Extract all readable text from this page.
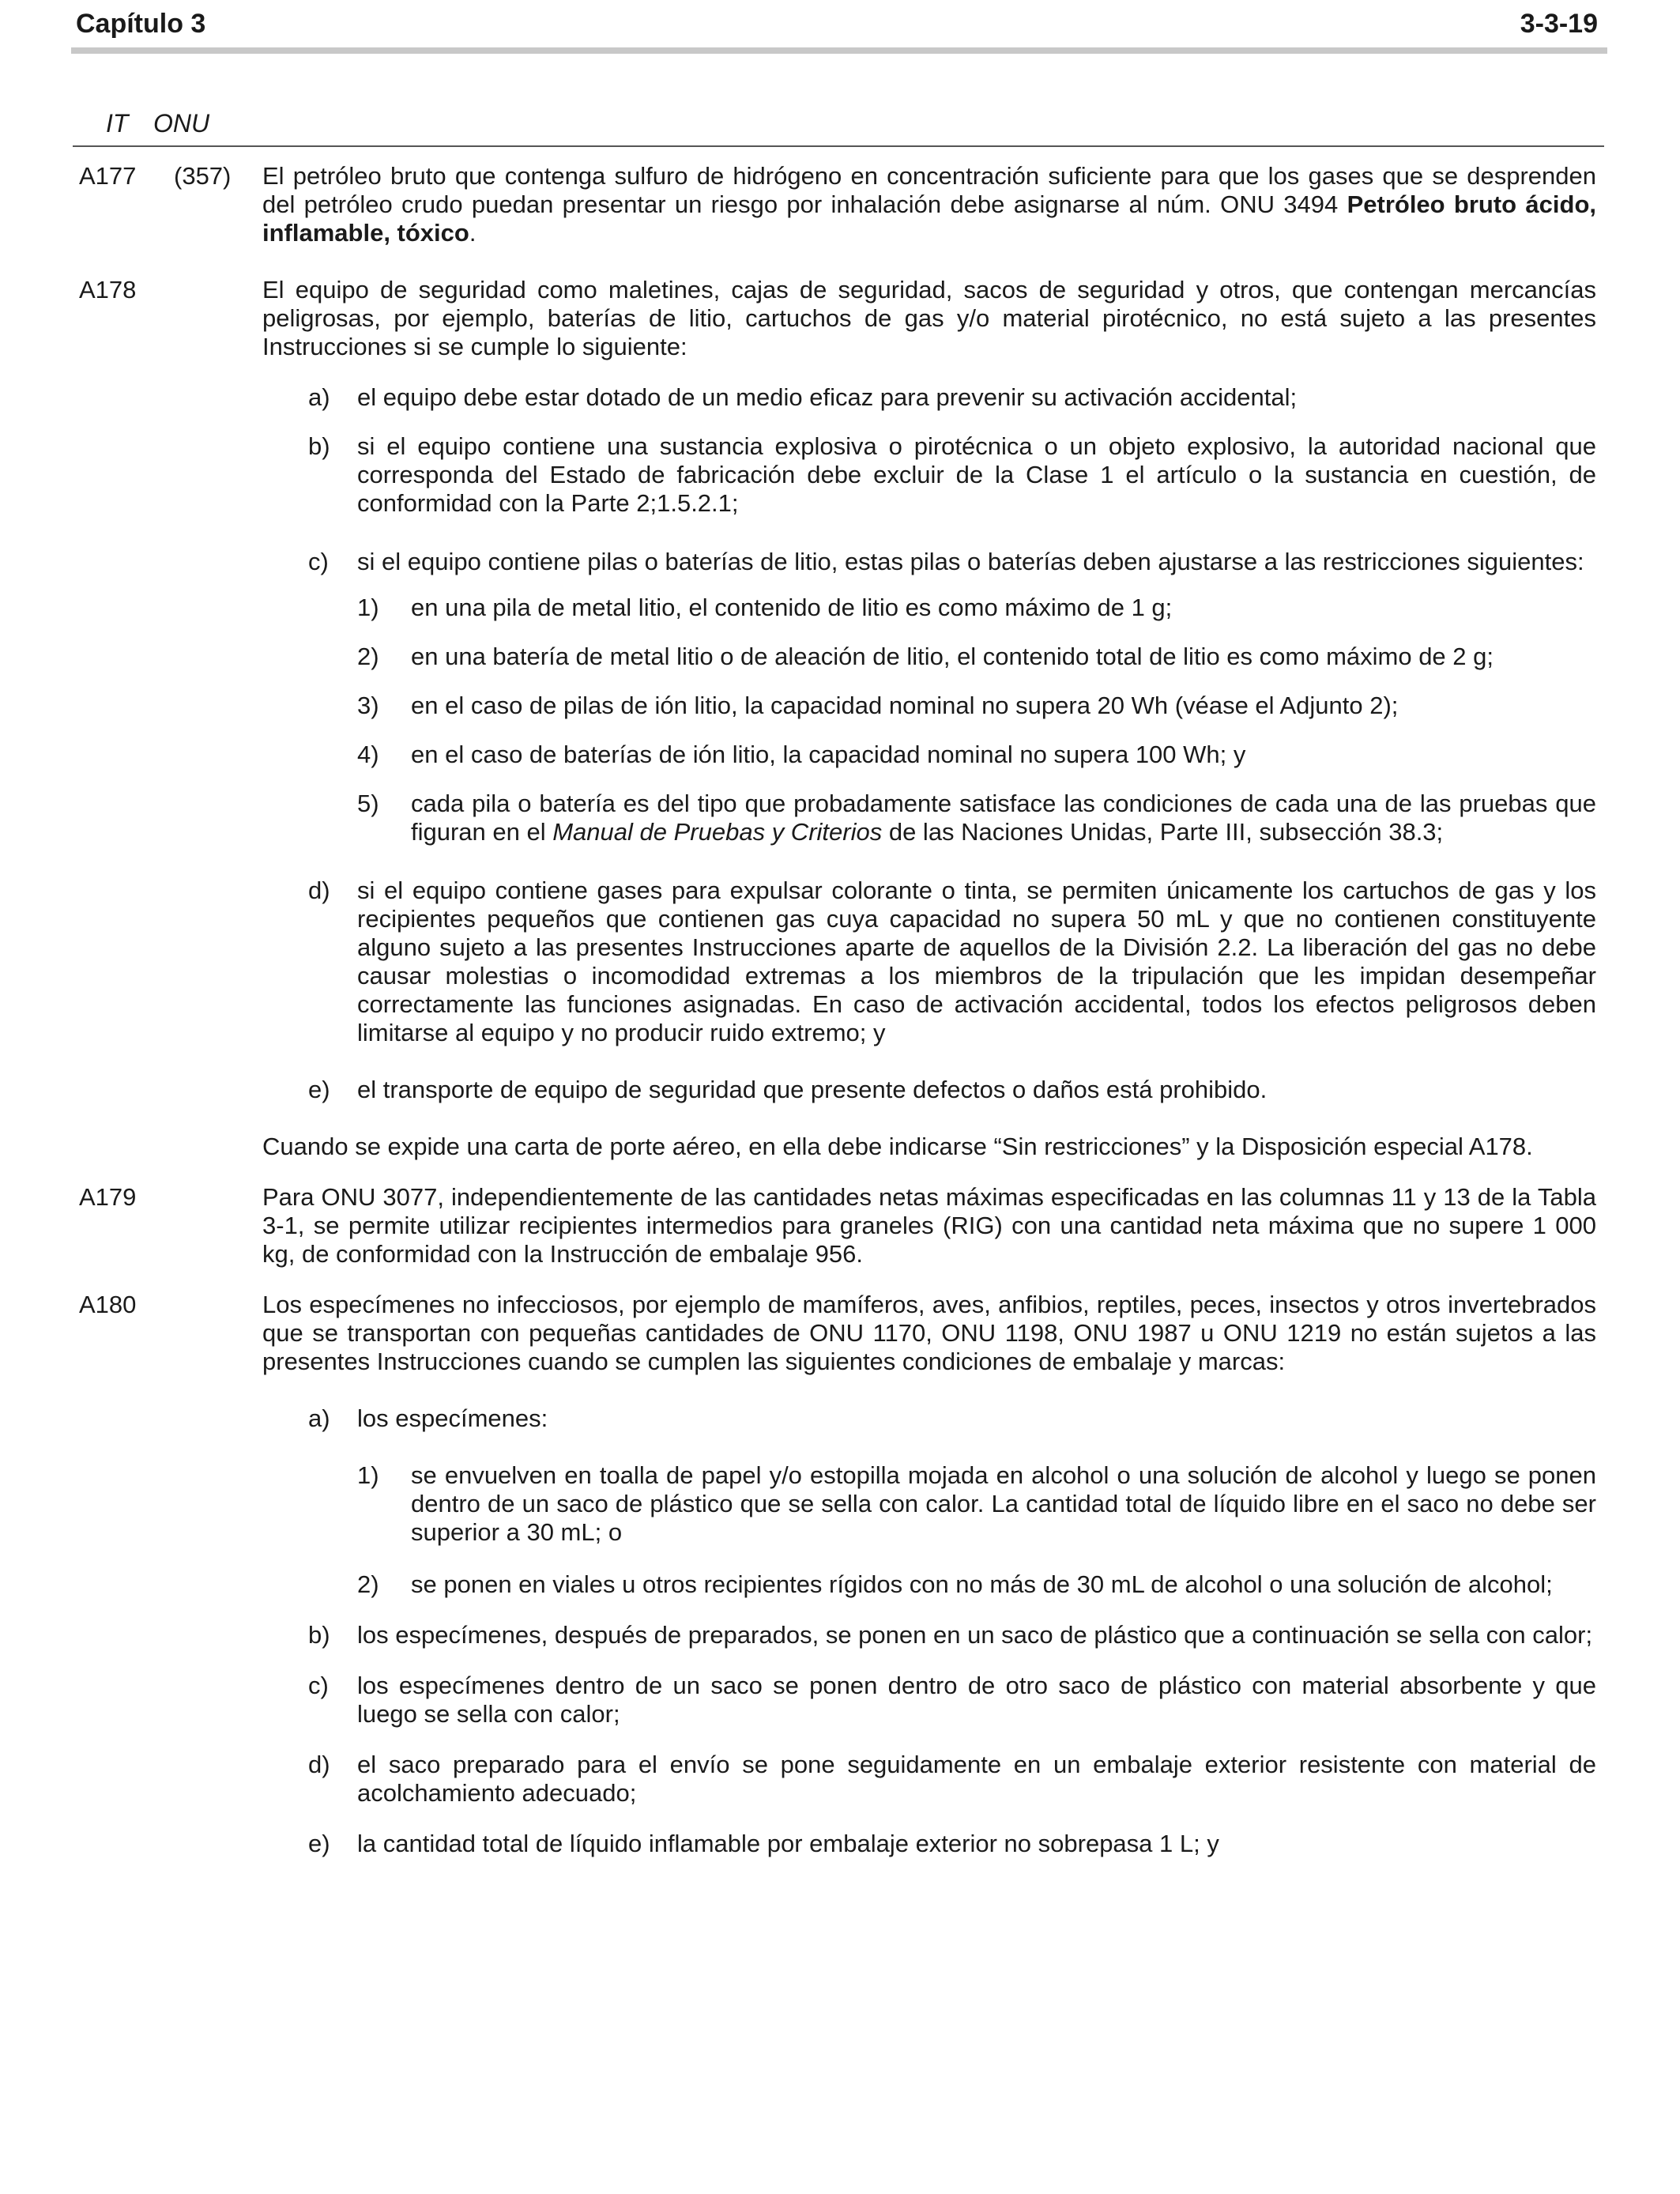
Capítulo 3	3-3-19
IT ONU
A177 (357) El petróleo bruto que contenga sulfuro de hidrógeno en concentración suficiente para que los gases que se desprenden del petróleo crudo puedan presentar un riesgo por inhalación debe asignarse al núm. ONU 3494 Petróleo bruto ácido, inflamable, tóxico.
A178	El equipo de seguridad como maletines, cajas de seguridad, sacos de seguridad y otros, que contengan mercancías peligrosas, por ejemplo, baterías de litio, cartuchos de gas y/o material pirotécnico, no está sujeto a las presentes Instrucciones si se cumple lo siguiente:

a) el equipo debe estar dotado de un medio eficaz para prevenir su activación accidental;
b) si el equipo contiene una sustancia explosiva o pirotécnica o un objeto explosivo, la autoridad nacional que corresponda del Estado de fabricación debe excluir de la Clase 1 el artículo o la sustancia en cuestión, de conformidad con la Parte 2;1.5.2.1;
c) si el equipo contiene pilas o baterías de litio, estas pilas o baterías deben ajustarse a las restricciones siguientes:
1) en una pila de metal litio, el contenido de litio es como máximo de 1 g;
2) en una batería de metal litio o de aleación de litio, el contenido total de litio es como máximo de 2 g;
3) en el caso de pilas de ión litio, la capacidad nominal no supera 20 Wh (véase el Adjunto 2);
4) en el caso de baterías de ión litio, la capacidad nominal no supera 100 Wh; y
5) cada pila o batería es del tipo que probadamente satisface las condiciones de cada una de las pruebas que figuran en el Manual de Pruebas y Criterios de las Naciones Unidas, Parte III, subsección 38.3;
d) si el equipo contiene gases para expulsar colorante o tinta, se permiten únicamente los cartuchos de gas y los recipientes pequeños que contienen gas cuya capacidad no supera 50 mL y que no contienen constituyente alguno sujeto a las presentes Instrucciones aparte de aquellos de la División 2.2. La liberación del gas no debe causar molestias o incomodidad extremas a los miembros de la tripulación que les impidan desempeñar correctamente las funciones asignadas. En caso de activación accidental, todos los efectos peligrosos deben limitarse al equipo y no producir ruido extremo; y
e) el transporte de equipo de seguridad que presente defectos o daños está prohibido.

Cuando se expide una carta de porte aéreo, en ella debe indicarse “Sin restricciones” y la Disposición especial A178.

A179	Para ONU 3077, independientemente de las cantidades netas máximas especificadas en las columnas 11 y 13 de la Tabla 3-1, se permite utilizar recipientes intermedios para graneles (RIG) con una cantidad neta máxima que no supere 1 000 kg, de conformidad con la Instrucción de embalaje 956.
A180	Los especímenes no infecciosos, por ejemplo de mamíferos, aves, anfibios, reptiles, peces, insectos y otros invertebrados que se transportan con pequeñas cantidades de ONU 1170, ONU 1198, ONU 1987 u ONU 1219 no están sujetos a las presentes Instrucciones cuando se cumplen las siguientes condiciones de embalaje y marcas:

a) los especímenes:
1) se envuelven en toalla de papel y/o estopilla mojada en alcohol o una solución de alcohol y luego se ponen dentro de un saco de plástico que se sella con calor. La cantidad total de líquido libre en el saco no debe ser superior a 30 mL; o
2) se ponen en viales u otros recipientes rígidos con no más de 30 mL de alcohol o una solución de alcohol;
b) los especímenes, después de preparados, se ponen en un saco de plástico que a continuación se sella con calor;
c) los especímenes dentro de un saco se ponen dentro de otro saco de plástico con material absorbente y que luego se sella con calor;
d) el saco preparado para el envío se pone seguidamente en un embalaje exterior resistente con material de acolchamiento adecuado;
e) la cantidad total de líquido inflamable por embalaje exterior no sobrepasa 1 L; y
